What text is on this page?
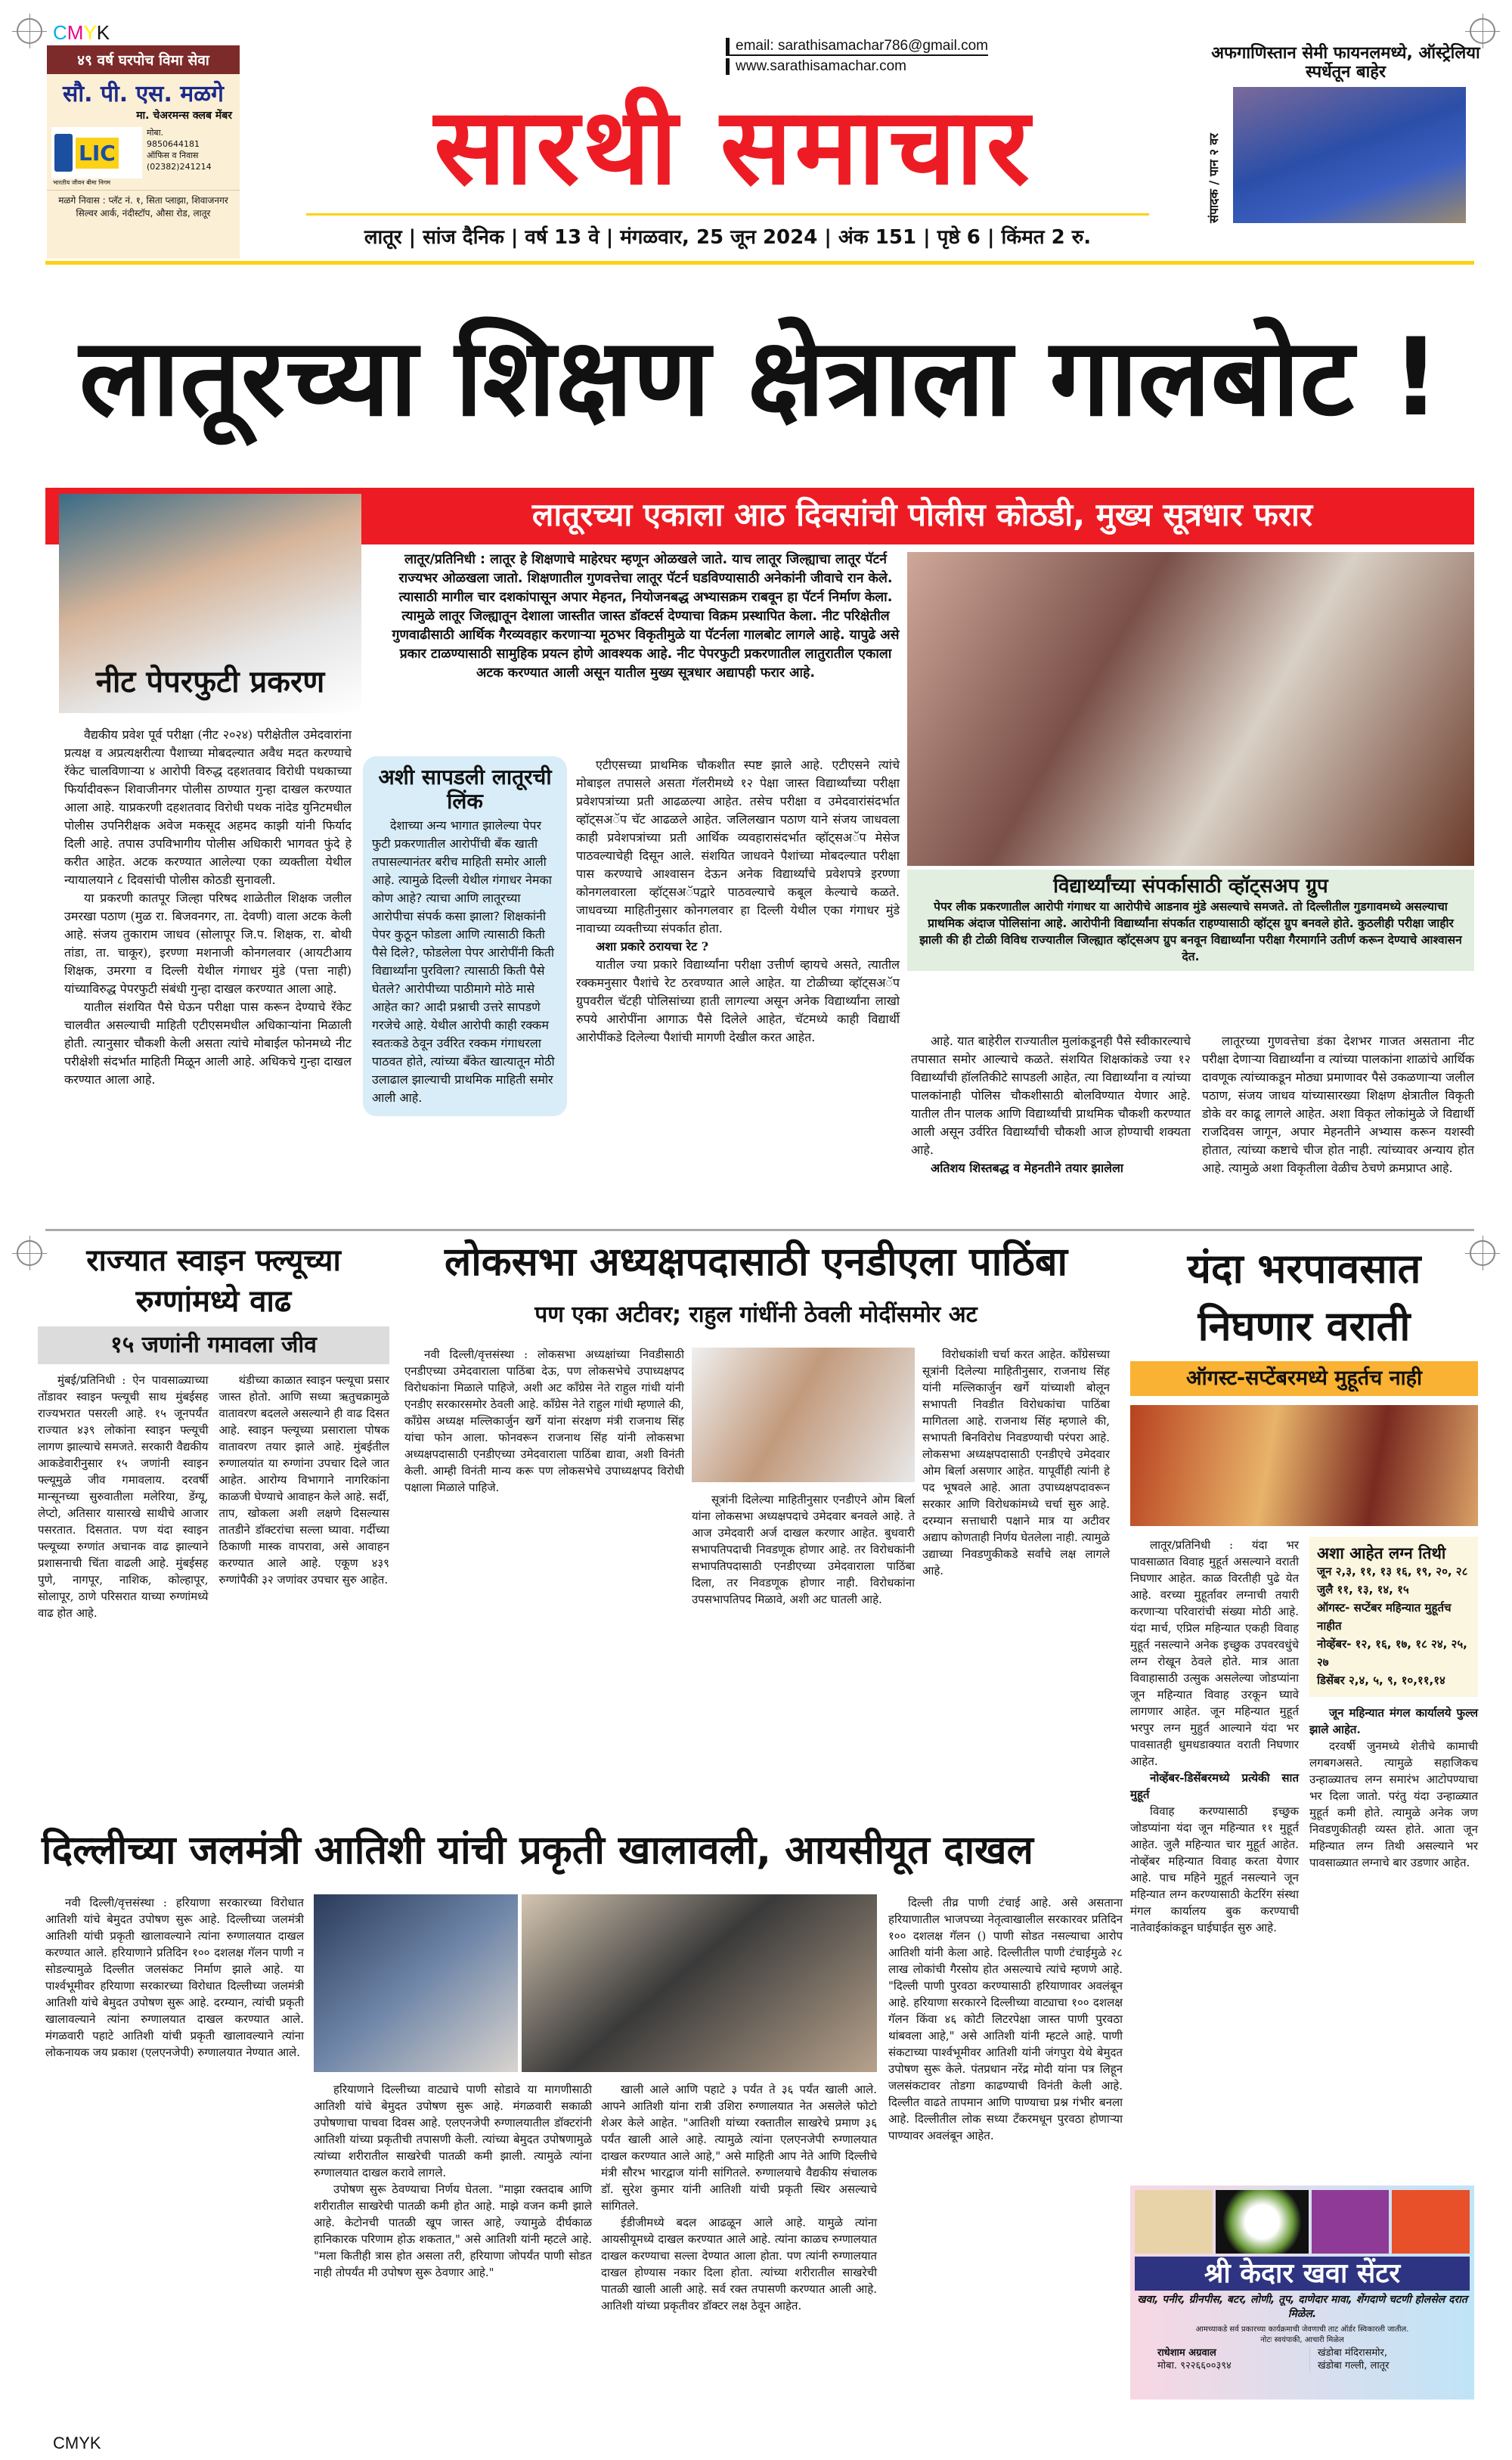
CMYK
CMYK
४९ वर्ष घरपोच विमा सेवा
सौ. पी. एस. मळगे
मा. चेअरमन्स क्लब मेंबर
LIC
मोबा.
9850644181
ऑफिस व निवास
(02382)241214
भारतीय जीवन बीमा निगम
मळगे निवास : प्लॅट नं. १, सिता प्लाझा, शिवाजनगर सिल्वर आर्क, नंदीस्टॉप, औसा रोड, लातूर
email: sarathisamachar786@gmail.com
www.sarathisamachar.com
सारथी समाचार
लातूर | सांज दैनिक | वर्ष 13 वे | मंगळवार, 25 जून 2024 | अंक 151 | पृष्ठे 6 | किंमत 2 रु.
अफगाणिस्तान सेमी फायनलमध्ये, ऑस्ट्रेलिया स्पर्धेतून बाहेर
संपादक / पान २ वर
लातूरच्या शिक्षण क्षेत्राला गालबोट !
लातूरच्या एकाला आठ दिवसांची पोलीस कोठडी, मुख्य सूत्रधार फरार
नीट पेपरफुटी प्रकरण
लातूर/प्रतिनिधी : लातूर हे शिक्षणाचे माहेरघर म्हणून ओळखले जाते. याच लातूर जिल्ह्याचा लातूर पॅटर्न राज्यभर ओळखला जातो. शिक्षणातील गुणवत्तेचा लातूर पॅटर्न घडविण्यासाठी अनेकांनी जीवाचे रान केले. त्यासाठी मागील चार दशकांपासून अपार मेहनत, नियोजनबद्ध अभ्यासक्रम राबवून हा पॅटर्न निर्माण केला. त्यामुळे लातूर जिल्ह्यातून देशाला जास्तीत जास्त डॉक्टर्स देण्याचा विक्रम प्रस्थापित केला. नीट परिक्षेतील गुणवाढीसाठी आर्थिक गैरव्यवहार करणाऱ्या मूठभर विकृतीमुळे या पॅटर्नला गालबोट लागले आहे. यापुढे असे प्रकार टाळण्यासाठी सामुहिक प्रयत्न होणे आवश्यक आहे. नीट पेपरफुटी प्रकरणातील लातुरातील एकाला अटक करण्यात आली असून यातील मुख्य सूत्रधार अद्यापही फरार आहे.

वैद्यकीय प्रवेश पूर्व परीक्षा (नीट २०२४) परीक्षेतील उमेदवारांना प्रत्यक्ष व अप्रत्यक्षरीत्या पैशाच्या मोबदल्यात अवैध मदत करण्याचे रॅकेट चालविणाऱ्या ४ आरोपी विरुद्ध दहशतवाद विरोधी पथकाच्या फिर्यादीवरून शिवाजीनगर पोलीस ठाण्यात गुन्हा दाखल करण्यात आला आहे. याप्रकरणी दहशतवाद विरोधी पथक नांदेड युनिटमधील पोलीस उपनिरीक्षक अवेज मकसूद अहमद काझी यांनी फिर्याद दिली आहे. तपास उपविभागीय पोलीस अधिकारी भागवत फुंदे हे करीत आहेत. अटक करण्यात आलेल्या एका व्यक्तीला येथील न्यायालयाने ८ दिवसांची पोलीस कोठडी सुनावली.

या प्रकरणी कातपूर जिल्हा परिषद शाळेतील शिक्षक जलील उमरखा पठाण (मुळ रा. बिजवनगर, ता. देवणी) वाला अटक केली आहे. संजय तुकाराम जाधव (सोलापूर जि.प. शिक्षक, रा. बोथी तांडा, ता. चाकूर), इरण्णा मशनाजी कोनगलवार (आयटीआय शिक्षक, उमरगा व दिल्ली येथील गंगाधर मुंडे (पत्ता नाही) यांच्याविरुद्ध पेपरफुटी संबंधी गुन्हा दाखल करण्यात आला आहे.

यातील संशयित पैसे घेऊन परीक्षा पास करून देण्याचे रॅकेट चालवीत असल्याची माहिती एटीएसमधील अधिकाऱ्यांना मिळाली होती. त्यानुसार चौकशी केली असता त्यांचे मोबाईल फोनमध्ये नीट परीक्षेशी संदर्भात माहिती मिळून आली आहे. अधिकचे गुन्हा दाखल करण्यात आला आहे.

अशी सापडली लातूरची लिंक
देशाच्या अन्य भागात झालेल्या पेपर फुटी प्रकरणातील आरोपींची बँक खाती तपासल्यानंतर बरीच माहिती समोर आली आहे. त्यामुळे दिल्ली येथील गंगाधर नेमका कोण आहे? त्याचा आणि लातूरच्या आरोपीचा संपर्क कसा झाला? शिक्षकांनी पेपर कुठून फोडला आणि त्यासाठी किती पैसे दिले?, फोडलेला पेपर आरोपींनी किती विद्यार्थ्यांना पुरविला? त्यासाठी किती पैसे घेतले? आरोपीच्या पाठीमागे मोठे मासे आहेत का? आदी प्रश्नाची उत्तरे सापडणे गरजेचे आहे. येथील आरोपी काही रक्कम स्वतःकडे ठेवून उर्वरित रक्कम गंगाधरला पाठवत होते, त्यांच्या बँकेत खात्यातून मोठी उलाढाल झाल्याची प्राथमिक माहिती समोर आली आहे.

एटीएसच्या प्राथमिक चौकशीत स्पष्ट झाले आहे. एटीएसने त्यांचे मोबाइल तपासले असता गॅलरीमध्ये १२ पेक्षा जास्त विद्यार्थ्यांच्या परीक्षा प्रवेशपत्रांच्या प्रती आढळल्या आहेत. तसेच परीक्षा व उमेदवारांसंदर्भात व्हॉट्सअॅप चॅट आढळले आहेत. जलिलखान पठाण याने संजय जाधवला काही प्रवेशपत्रांच्या प्रती आर्थिक व्यवहारासंदर्भात व्हॉट्सअॅप मेसेज पाठवल्याचेही दिसून आले. संशयित जाधवने पैशांच्या मोबदल्यात परीक्षा पास करण्याचे आश्वासन देऊन अनेक विद्यार्थ्यांचे प्रवेशपत्रे इरण्णा कोनगलवारला व्हॉट्सअॅपद्वारे पाठवल्याचे कबूल केल्याचे कळते. जाधवच्या माहितीनुसार कोनगलवार हा दिल्ली येथील एका गंगाधर मुंडे नावाच्या व्यक्तीच्या संपर्कात होता.

अशा प्रकारे ठरायचा रेट ?

यातील ज्या प्रकारे विद्यार्थ्यांना परीक्षा उत्तीर्ण व्हायचे असते, त्यातील रक्कमनुसार पैशांचे रेट ठरवण्यात आले आहेत. या टोळीच्या व्हॉट्सअॅप ग्रुपवरील चॅटही पोलिसांच्या हाती लागल्या असून अनेक विद्यार्थ्यांना लाखो रुपये आरोपींना आगाऊ पैसे दिलेले आहेत, चॅटमध्ये काही विद्यार्थी आरोपींकडे दिलेल्या पैशांची मागणी देखील करत आहेत.

विद्यार्थ्यांच्या संपर्कासाठी व्हॉट्सअप ग्रुप
पेपर लीक प्रकरणातील आरोपी गंगाधर या आरोपीचे आडनाव मुंडे असल्याचे समजते. तो दिल्लीतील गुडगावमध्ये असल्याचा प्राथमिक अंदाज पोलिसांना आहे. आरोपीनी विद्यार्थ्यांना संपर्कात राहण्यासाठी व्हॉट्स ग्रुप बनवले होते. कुठलीही परीक्षा जाहीर झाली की ही टोळी विविध राज्यातील जिल्ह्यात व्हॉट्सअप ग्रुप बनवून विद्यार्थ्यांना परीक्षा गैरमार्गाने उतीर्ण करून देण्याचे आश्वासन देत.

आहे. यात बाहेरील राज्यातील मुलांकडूनही पैसे स्वीकारल्याचे तपासात समोर आल्याचे कळते. संशयित शिक्षकांकडे ज्या १२ विद्यार्थ्यांची हॉलतिकीटे सापडली आहेत, त्या विद्यार्थ्यांना व त्यांच्या पालकांनाही पोलिस चौकशीसाठी बोलविण्यात येणार आहे. यातील तीन पालक आणि विद्यार्थ्यांची प्राथमिक चौकशी करण्यात आली असून उर्वरित विद्यार्थ्यांची चौकशी आज होण्याची शक्यता आहे.

अतिशय शिस्तबद्ध व मेहनतीने तयार झालेला

लातूरच्या गुणवत्तेचा डंका देशभर गाजत असताना नीट परीक्षा देणाऱ्या विद्यार्थ्यांना व त्यांच्या पालकांना शाळांचे आर्थिक दावणूक त्यांच्याकडून मोठ्या प्रमाणावर पैसे उकळणाऱ्या जलील पठाण, संजय जाधव यांच्यासारख्या शिक्षण क्षेत्रातील विकृती डोके वर काढू लागले आहेत. अशा विकृत लोकांमुळे जे विद्यार्थी राजदिवस जागून, अपार मेहनतीने अभ्यास करून यशस्वी होतात, त्यांच्या कष्टाचे चीज होत नाही. त्यांच्यावर अन्याय होत आहे. त्यामुळे अशा विकृतीला वेळीच ठेचणे क्रमप्राप्त आहे.

राज्यात स्वाइन फ्ल्यूच्या रुग्णांमध्ये वाढ
१५ जणांनी गमावला जीव

मुंबई/प्रतिनिधी : ऐन पावसाळ्याच्या तोंडावर स्वाइन फ्ल्यूची साथ मुंबईसह राज्यभरात पसरली आहे. १५ जूनपर्यंत राज्यात ४३९ लोकांना स्वाइन फ्ल्यूची लागण झाल्याचे समजते. सरकारी वैद्यकीय आकडेवारीनुसार १५ जणांनी स्वाइन फ्ल्यूमुळे जीव गमावलाय. दरवर्षी मान्सूनच्या सुरुवातीला मलेरिया, डेंग्यू, लेप्टो, अतिसार यासारखे साथीचे आजार पसरतात. दिसतात. पण यंदा स्वाइन फ्ल्यूच्या रुग्णांत अचानक वाढ झाल्याने प्रशासनाची चिंता वाढली आहे. मुंबईसह पुणे, नागपूर, नाशिक, कोल्हापूर, सोलापूर, ठाणे परिसरात याच्या रुग्णांमध्ये वाढ होत आहे.

थंडीच्या काळात स्वाइन फ्ल्यूचा प्रसार जास्त होतो. आणि सध्या ऋतुचक्रामुळे वातावरण बदलले असल्याने ही वाढ दिसत आहे. स्वाइन फ्ल्यूच्या प्रसाराला पोषक वातावरण तयार झाले आहे. मुंबईतील रुग्णालयांत या रुग्णांना उपचार दिले जात आहेत. आरोग्य विभागाने नागरिकांना काळजी घेण्याचे आवाहन केले आहे. सर्दी, ताप, खोकला अशी लक्षणे दिसल्यास तातडीने डॉक्टरांचा सल्ला घ्यावा. गर्दीच्या ठिकाणी मास्क वापरावा, असे आवाहन करण्यात आले आहे. एकूण ४३९ रुग्णांपैकी ३२ जणांवर उपचार सुरु आहेत.

लोकसभा अध्यक्षपदासाठी एनडीएला पाठिंबा
पण एका अटीवर; राहुल गांधींनी ठेवली मोदींसमोर अट

नवी दिल्ली/वृत्तसंस्था : लोकसभा अध्यक्षांच्या निवडीसाठी एनडीएच्या उमेदवाराला पाठिंबा देऊ, पण लोकसभेचे उपाध्यक्षपद विरोधकांना मिळाले पाहिजे, अशी अट काँग्रेस नेते राहुल गांधी यांनी एनडीए सरकारसमोर ठेवली आहे. काँग्रेस नेते राहुल गांधी म्हणाले की, काँग्रेस अध्यक्ष मल्लिकार्जुन खर्गे यांना संरक्षण मंत्री राजनाथ सिंह यांचा फोन आला. फोनवरून राजनाथ सिंह यांनी लोकसभा अध्यक्षपदासाठी एनडीएच्या उमेदवाराला पाठिंबा द्यावा, अशी विनंती केली. आम्ही विनंती मान्य करू पण लोकसभेचे उपाध्यक्षपद विरोधी पक्षाला मिळाले पाहिजे.

सूत्रांनी दिलेल्या माहितीनुसार एनडीएने ओम बिर्ला यांना लोकसभा अध्यक्षपदाचे उमेदवार बनवले आहे. ते आज उमेदवारी अर्ज दाखल करणार आहेत. बुधवारी सभापतिपदाची निवडणूक होणार आहे. तर विरोधकांनी सभापतिपदासाठी एनडीएच्या उमेदवाराला पाठिंबा दिला, तर निवडणूक होणार नाही. विरोधकांना उपसभापतिपद मिळावे, अशी अट घातली आहे.

विरोधकांशी चर्चा करत आहेत. काँग्रेसच्या सूत्रांनी दिलेल्या माहितीनुसार, राजनाथ सिंह यांनी मल्लिकार्जुन खर्गे यांच्याशी बोलून सभापती निवडीत विरोधकांचा पाठिंबा मागितला आहे. राजनाथ सिंह म्हणाले की, सभापती बिनविरोध निवडण्याची परंपरा आहे. लोकसभा अध्यक्षपदासाठी एनडीएचे उमेदवार ओम बिर्ला असणार आहेत. यापूर्वीही त्यांनी हे पद भूषवले आहे. आता उपाध्यक्षपदावरून सरकार आणि विरोधकांमध्ये चर्चा सुरु आहे. दरम्यान सत्ताधारी पक्षाने मात्र या अटीवर अद्याप कोणताही निर्णय घेतलेला नाही. त्यामुळे उद्याच्या निवडणुकीकडे सर्वांचे लक्ष लागले आहे.

यंदा भरपावसात निघणार वराती
ऑगस्ट-सप्टेंबरमध्ये मुहूर्तच नाही

लातूर/प्रतिनिधी : यंदा भर पावसाळात विवाह मुहूर्त असल्याने वराती निघणार आहेत. काळ विरतीही पुढे येत आहे. वरच्या मुहूर्तावर लग्नाची तयारी करणाऱ्या परिवारांची संख्या मोठी आहे. यंदा मार्च, एप्रिल महिन्यात एकही विवाह मुहूर्त नसल्याने अनेक इच्छुक उपवरवधुंचे लग्न रोखून ठेवले होते. मात्र आता विवाहासाठी उत्सुक असलेल्या जोडप्यांना जून महिन्यात विवाह उरकून घ्यावे लागणार आहेत. जून महिन्यात मुहूर्त भरपुर लग्न मुहुर्त आल्याने यंदा भर पावसातही धुमधडाक्यात वराती निघणार आहेत.

नोव्हेंबर-डिसेंबरमध्ये प्रत्येकी सात मुहूर्त

विवाह करण्यासाठी इच्छुक जोडप्यांना यंदा जून महिन्यात ११ मुहूर्त आहेत. जुलै महिन्यात चार मुहूर्त आहेत. नोव्हेंबर महिन्यात विवाह करता येणार आहे. पाच महिने मुहूर्त नसल्याने जून महिन्यात लग्न करण्यासाठी केटरिंग संस्था मंगल कार्यालय बुक करण्याची नातेवाईकांकडून घाईघाईत सुरु आहे.

अशा आहेत लग्न तिथी
जून २,३, ११, १३ १६, १९, २०, २८
जुलै ११, १३, १४, १५
ऑगस्ट- सप्टेंबर महिन्यात मुहूर्तच नाहीत
नोव्हेंबर- १२, १६, १७, १८ २४, २५, २७
डिसेंबर २,४, ५, ९, १०,११,१४

जून महिन्यात मंगल कार्यालये फुल्ल झाले आहेत.

दरवर्षी जुनमध्ये शेतीचे कामाची लगबगअसते. त्यामुळे सहाजिकच उन्हाळ्यातच लग्न समारंभ आटोपण्याचा भर दिला जातो. परंतु यंदा उन्हाळ्यात मुहूर्त कमी होते. त्यामुळे अनेक जण निवडणुकीतही व्यस्त होते. आता जून महिन्यात लग्न तिथी असल्याने भर पावसाळ्यात लग्नाचे बार उडणार आहेत.

दिल्लीच्या जलमंत्री आतिशी यांची प्रकृती खालावली, आयसीयूत दाखल

नवी दिल्ली/वृत्तसंस्था : हरियाणा सरकारच्या विरोधात आतिशी यांचे बेमुदत उपोषण सुरू आहे. दिल्लीच्या जलमंत्री आतिशी यांची प्रकृती खालावल्याने त्यांना रुग्णालयात दाखल करण्यात आले. हरियाणाने प्रतिदिन १०० दशलक्ष गॅलन पाणी न सोडल्यामुळे दिल्लीत जलसंकट निर्माण झाले आहे. या पार्श्वभूमीवर हरियाणा सरकारच्या विरोधात दिल्लीच्या जलमंत्री आतिशी यांचे बेमुदत उपोषण सुरू आहे. दरम्यान, त्यांची प्रकृती खालावल्याने त्यांना रुग्णालयात दाखल करण्यात आले. मंगळवारी पहाटे आतिशी यांची प्रकृती खालावल्याने त्यांना लोकनायक जय प्रकाश (एलएनजेपी) रुग्णालयात नेण्यात आले.

हरियाणाने दिल्लीच्या वाट्याचे पाणी सोडावे या मागणीसाठी आतिशी यांचे बेमुदत उपोषण सुरू आहे. मंगळवारी सकाळी उपोषणाचा पाचवा दिवस आहे. एलएनजेपी रुग्णालयातील डॉक्टरांनी आतिशी यांच्या प्रकृतीची तपासणी केली. त्यांच्या बेमुदत उपोषणामुळे त्यांच्या शरीरातील साखरेची पातळी कमी झाली. त्यामुळे त्यांना रुग्णालयात दाखल करावे लागले.

उपोषण सुरू ठेवण्याचा निर्णय घेतला. "माझा रक्तदाब आणि शरीरातील साखरेची पातळी कमी होत आहे. माझे वजन कमी झाले आहे. केटोनची पातळी खूप जास्त आहे, ज्यामुळे दीर्घकाळ हानिकारक परिणाम होऊ शकतात," असे आतिशी यांनी म्हटले आहे. "मला कितीही त्रास होत असला तरी, हरियाणा जोपर्यंत पाणी सोडत नाही तोपर्यंत मी उपोषण सुरू ठेवणार आहे."

खाली आले आणि पहाटे ३ पर्यंत ते ३६ पर्यंत खाली आले. आपने आतिशी यांना रात्री उशिरा रुग्णालयात नेत असलेले फोटो शेअर केले आहेत. "आतिशी यांच्या रक्तातील साखरेचे प्रमाण ३६ पर्यंत खाली आले आहे. त्यामुळे त्यांना एलएनजेपी रुग्णालयात दाखल करण्यात आले आहे," असे माहिती आप नेते आणि दिल्लीचे मंत्री सौरभ भारद्वाज यांनी सांगितले. रुग्णालयाचे वैद्यकीय संचालक डॉ. सुरेश कुमार यांनी आतिशी यांची प्रकृती स्थिर असल्याचे सांगितले.

ईडीजीमध्ये बदल आढळून आले आहे. यामुळे त्यांना आयसीयूमध्ये दाखल करण्यात आले आहे. त्यांना काळच रुग्णालयात दाखल करण्याचा सल्ला देण्यात आला होता. पण त्यांनी रुग्णालयात दाखल होण्यास नकार दिला होता. त्यांच्या शरीरातील साखरेची पातळी खाली आली आहे. सर्व रक्त तपासणी करण्यात आली आहे. आतिशी यांच्या प्रकृतीवर डॉक्टर लक्ष ठेवून आहेत.

दिल्ली तीव्र पाणी टंचाई आहे. असे असताना हरियाणातील भाजपच्या नेतृत्वाखालील सरकारवर प्रतिदिन १०० दशलक्ष गॅलन () पाणी सोडत नसल्याचा आरोप आतिशी यांनी केला आहे. दिल्लीतील पाणी टंचाईमुळे २८ लाख लोकांची गैरसोय होत असल्याचे त्यांचे म्हणणे आहे. "दिल्ली पाणी पुरवठा करण्यासाठी हरियाणावर अवलंबून आहे. हरियाणा सरकारने दिल्लीच्या वाट्याचा १०० दशलक्ष गॅलन किंवा ४६ कोटी लिटरपेक्षा जास्त पाणी पुरवठा थांबवला आहे," असे आतिशी यांनी म्हटले आहे. पाणी संकटाच्या पार्श्वभूमीवर आतिशी यांनी जंगपुरा येथे बेमुदत उपोषण सुरू केले. पंतप्रधान नरेंद्र मोदी यांना पत्र लिहून जलसंकटावर तोडगा काढण्याची विनंती केली आहे. दिल्लीत वाढते तापमान आणि पाण्याचा प्रश्न गंभीर बनला आहे. दिल्लीतील लोक सध्या टँकरमधून पुरवठा होणाऱ्या पाण्यावर अवलंबून आहेत.

श्री केदार खवा सेंटर
खवा, पनीर, ग्रीनपीस, बटर, लोणी, तूप, दाणेदार मावा, शेंगदाणे चटणी होलसेल दरात मिळेल.
आमच्याकडे सर्व प्रकारच्या कार्यक्रमाची जेवणाची ताट ऑर्डर स्विकारली जातील.
नोटः स्वयंपाकी, आचारी मिळेल
राधेशाम अग्रवाल
मोबा. ९२२६६००३९४
खंडोबा मंदिरासमोर,
खंडोबा गल्ली, लातूर
